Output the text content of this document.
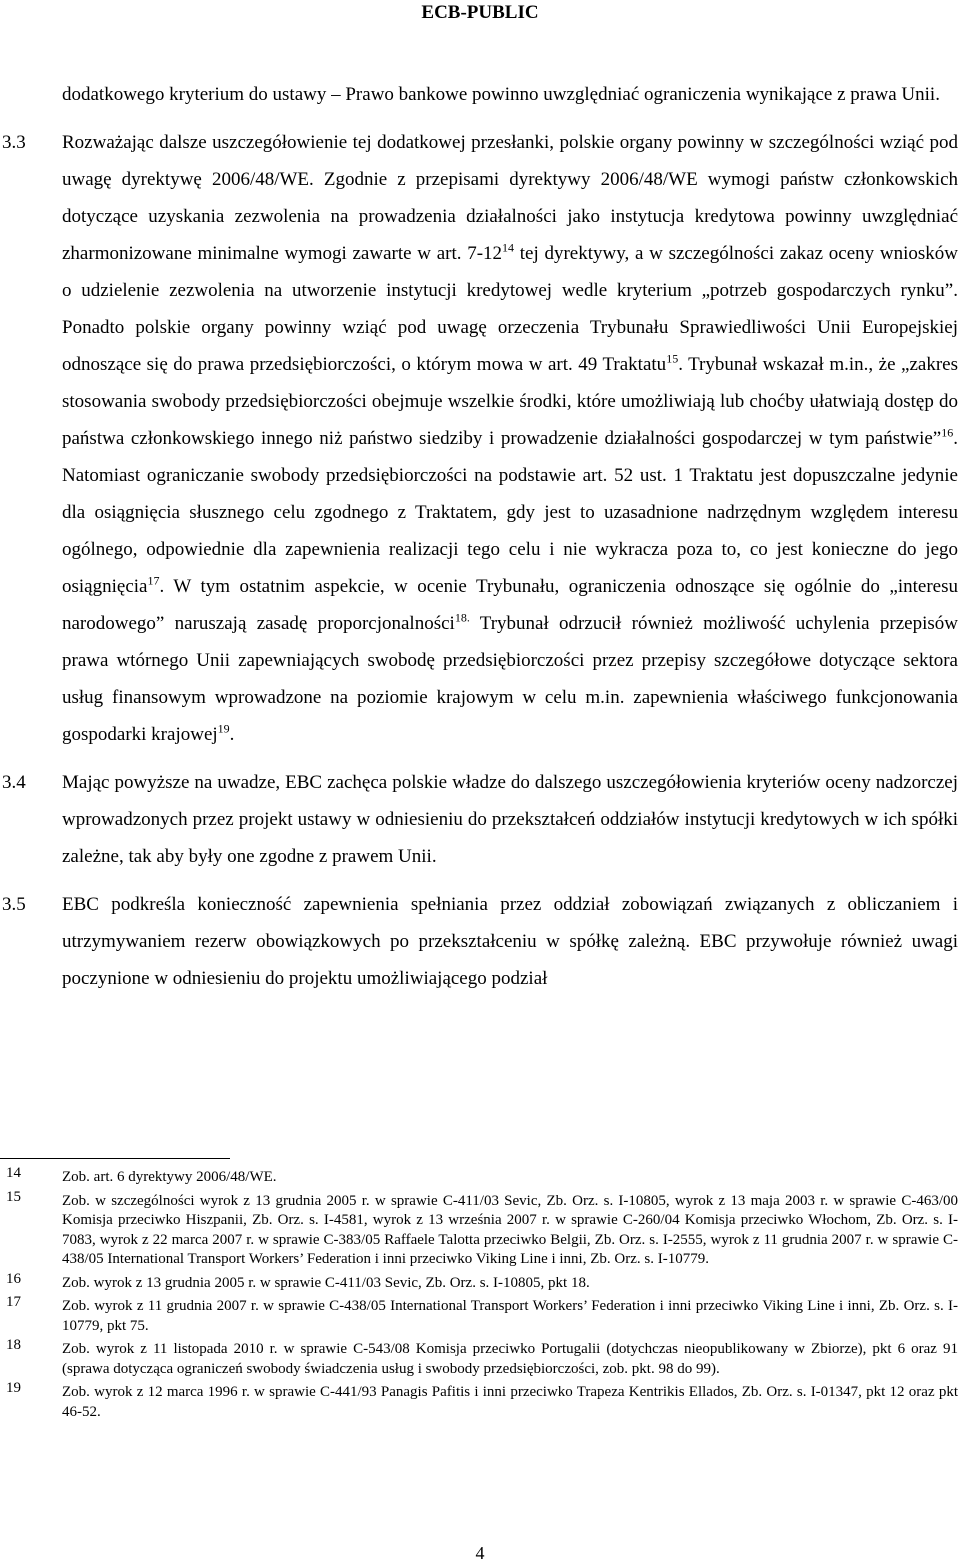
ECB-PUBLIC

dodatkowego kryterium do ustawy – Prawo bankowe powinno uwzględniać ograniczenia wynikające z prawa Unii.

3.3 Rozważając dalsze uszczegółowienie tej dodatkowej przesłanki, polskie organy powinny w szczególności wziąć pod uwagę dyrektywę 2006/48/WE. Zgodnie z przepisami dyrektywy 2006/48/WE wymogi państw członkowskich dotyczące uzyskania zezwolenia na prowadzenia działalności jako instytucja kredytowa powinny uwzględniać zharmonizowane minimalne wymogi zawarte w art. $7-12^{14}$ tej dyrektywy, a w szczególności zakaz oceny wniosków o udzielenie zezwolenia na utworzenie instytucji kredytowej wedle kryterium „potrzeb gospodarczych rynku”. Ponadto polskie organy powinny wziąć pod uwagę orzeczenia Trybunału Sprawiedliwości Unii Europejskiej odnoszące się do prawa przedsiębiorczości, o którym mowa w art. 49 Traktatu$^{15}$. Trybunał wskazał m.in., że „zakres stosowania swobody przedsiębiorczości obejmuje wszelkie środki, które umożliwiają lub choćby ułatwiają dostęp do państwa członkowskiego innego niż państwo siedziby i prowadzenie działalności gospodarczej w tym państwie”$^{16}$. Natomiast ograniczanie swobody przedsiębiorczości na podstawie art. 52 ust. 1 Traktatu jest dopuszczalne jedynie dla osiągnięcia słusznego celu zgodnego z Traktatem, gdy jest to uzasadnione nadrzędnym względem interesu ogólnego, odpowiednie dla zapewnienia realizacji tego celu i nie wykracza poza to, co jest konieczne do jego osiągnięcia$^{17}$. W tym ostatnim aspekcie, w ocenie Trybunału, ograniczenia odnoszące się ogólnie do „interesu narodowego” naruszają zasadę proporcjonalności$^{18.}$ Trybunał odrzucił również możliwość uchylenia przepisów prawa wtórnego Unii zapewniających swobodę przedsiębiorczości przez przepisy szczegółowe dotyczące sektora usług finansowym wprowadzone na poziomie krajowym w celu m.in. zapewnienia właściwego funkcjonowania gospodarki krajowej$^{19}$.

3.4 Mając powyższe na uwadze, EBC zachęca polskie władze do dalszego uszczegółowienia kryteriów oceny nadzorczej wprowadzonych przez projekt ustawy w odniesieniu do przekształceń oddziałów instytucji kredytowych w ich spółki zależne, tak aby były one zgodne z prawem Unii.

3.5 EBC podkreśla konieczność zapewnienia spełniania przez oddział zobowiązań związanych z obliczaniem i utrzymywaniem rezerw obowiązkowych po przekształceniu w spółkę zależną. EBC przywołuje również uwagi poczynione w odniesieniu do projektu umożliwiającego podział

14	Zob. art. 6 dyrektywy 2006/48/WE.
15	Zob. w szczególności wyrok z 13 grudnia 2005 r. w sprawie C-411/03 Sevic, Zb. Orz. s. I-10805, wyrok z 13 maja 2003 r. w sprawie C-463/00 Komisja przeciwko Hiszpanii, Zb. Orz. s. I-4581, wyrok z 13 września 2007 r. w sprawie C-260/04 Komisja przeciwko Włochom, Zb. Orz. s. I-7083, wyrok z 22 marca 2007 r. w sprawie C-383/05 Raffaele Talotta przeciwko Belgii, Zb. Orz. s. I-2555, wyrok z 11 grudnia 2007 r. w sprawie C-438/05 International Transport Workers’ Federation i inni przeciwko Viking Line i inni, Zb. Orz. s. I-10779.
16	Zob. wyrok z 13 grudnia 2005 r. w sprawie C-411/03 Sevic, Zb. Orz. s. I-10805, pkt 18.
17	Zob. wyrok z 11 grudnia 2007 r. w sprawie C-438/05 International Transport Workers’ Federation i inni przeciwko Viking Line i inni, Zb. Orz. s. I-10779, pkt 75.
18	Zob. wyrok z 11 listopada 2010 r. w sprawie C-543/08 Komisja przeciwko Portugalii (dotychczas nieopublikowany w Zbiorze), pkt 6 oraz 91 (sprawa dotycząca ograniczeń swobody świadczenia usług i swobody przedsiębiorczości, zob. pkt. 98 do 99).
19	Zob. wyrok z 12 marca 1996 r. w sprawie C-441/93 Panagis Pafitis i inni przeciwko Trapeza Kentrikis Ellados, Zb. Orz. s. I-01347, pkt 12 oraz pkt 46-52.
4
